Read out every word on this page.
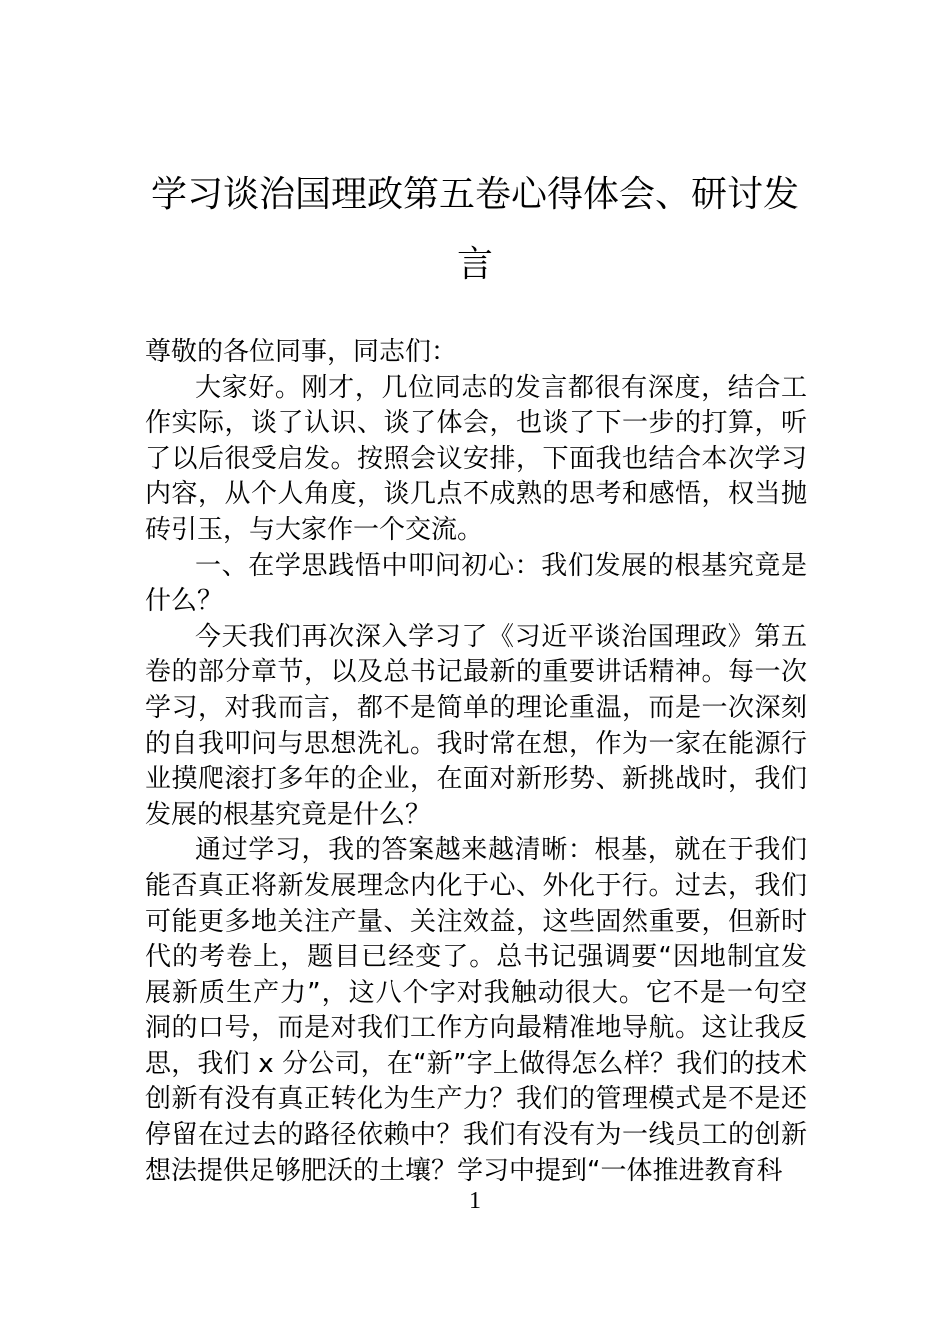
学习谈治国理政第五卷心得体会、研讨发
言
尊敬的各位同事，同志们：
大家好。刚才，几位同志的发言都很有深度，结合工
作实际，谈了认识、谈了体会，也谈了下一步的打算，听
了以后很受启发。按照会议安排，下面我也结合本次学习
内容，从个人角度，谈几点不成熟的思考和感悟，权当抛
砖引玉，与大家作一个交流。
一、在学思践悟中叩问初心：我们发展的根基究竟是
什么？
今天我们再次深入学习了《习近平谈治国理政》第五
卷的部分章节，以及总书记最新的重要讲话精神。每一次
学习，对我而言，都不是简单的理论重温，而是一次深刻
的自我叩问与思想洗礼。我时常在想，作为一家在能源行
业摸爬滚打多年的企业，在面对新形势、新挑战时，我们
发展的根基究竟是什么？
通过学习，我的答案越来越清晰：根基，就在于我们
能否真正将新发展理念内化于心、外化于行。过去，我们
可能更多地关注产量、关注效益，这些固然重要，但新时
代的考卷上，题目已经变了。总书记强调要“因地制宜发
展新质生产力”，这八个字对我触动很大。它不是一句空
洞的口号，而是对我们工作方向最精准地导航。这让我反
思，我们 x 分公司，在“新”字上做得怎么样？我们的技术
创新有没有真正转化为生产力？我们的管理模式是不是还
停留在过去的路径依赖中？我们有没有为一线员工的创新
想法提供足够肥沃的土壤？学习中提到“一体推进教育科
1
